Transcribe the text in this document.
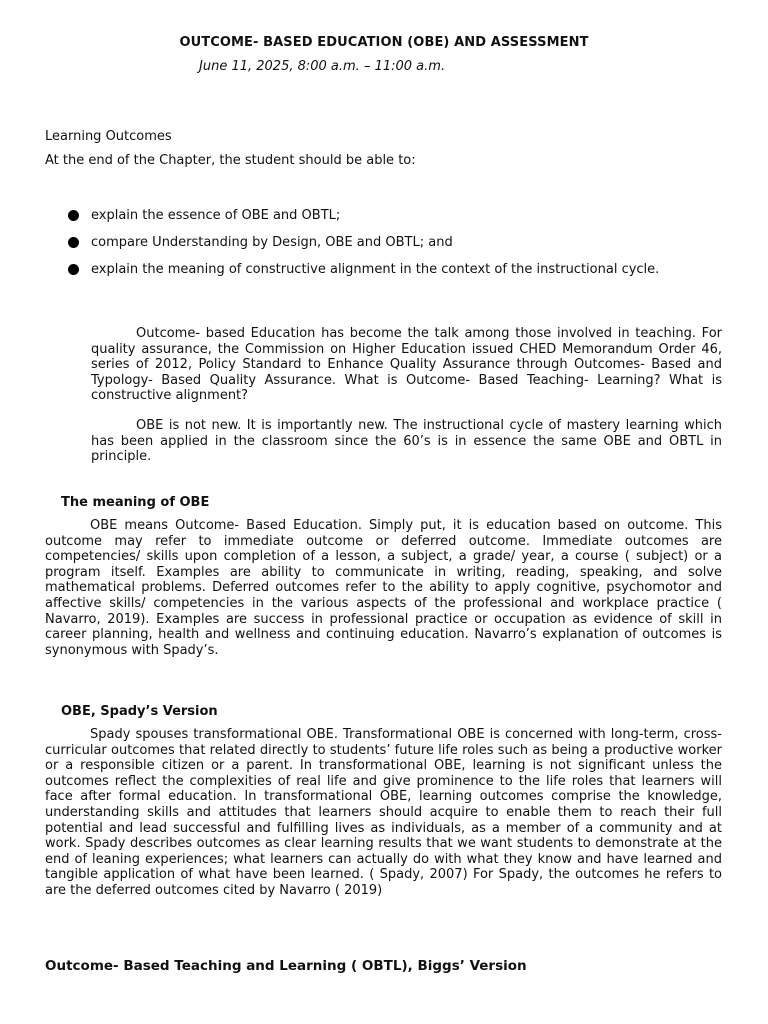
OUTCOME- BASED EDUCATION (OBE) AND ASSESSMENT
June 11, 2025, 8:00 a.m. – 11:00 a.m.
Learning Outcomes
At the end of the Chapter, the student should be able to:
explain the essence of OBE and OBTL;
compare Understanding by Design, OBE and OBTL; and
explain the meaning of constructive alignment in the context of the instructional cycle.

Outcome- based Education has become the talk among those involved in teaching. For quality assurance, the Commission on Higher Education issued CHED Memorandum Order 46, series of 2012, Policy Standard to Enhance Quality Assurance through Outcomes- Based and Typology- Based Quality Assurance. What is Outcome- Based Teaching- Learning? What is constructive alignment?

OBE is not new. It is importantly new. The instructional cycle of mastery learning which has been applied in the classroom since the 60’s is in essence the same OBE and OBTL in principle.

The meaning of OBE

OBE means Outcome- Based Education. Simply put, it is education based on outcome. This outcome may refer to immediate outcome or deferred outcome. Immediate outcomes are competencies/ skills upon completion of a lesson, a subject, a grade/ year, a course ( subject) or a program itself. Examples are ability to communicate in writing, reading, speaking, and solve mathematical problems. Deferred outcomes refer to the ability to apply cognitive, psychomotor and affective skills/ competencies in the various aspects of the professional and workplace practice ( Navarro, 2019). Examples are success in professional practice or occupation as evidence of skill in career planning, health and wellness and continuing education. Navarro’s explanation of outcomes is synonymous with Spady’s.

OBE, Spady’s Version

Spady spouses transformational OBE. Transformational OBE is concerned with long-term, cross- curricular outcomes that related directly to students’ future life roles such as being a productive worker or a responsible citizen or a parent. In transformational OBE, learning is not significant unless the outcomes reflect the complexities of real life and give prominence to the life roles that learners will face after formal education. In transformational OBE, learning outcomes comprise the knowledge, understanding skills and attitudes that learners should acquire to enable them to reach their full potential and lead successful and fulfilling lives as individuals, as a member of a community and at work. Spady describes outcomes as clear learning results that we want students to demonstrate at the end of leaning experiences; what learners can actually do with what they know and have learned and tangible application of what have been learned. ( Spady, 2007) For Spady, the outcomes he refers to are the deferred outcomes cited by Navarro ( 2019)

Outcome- Based Teaching and Learning ( OBTL), Biggs’ Version
